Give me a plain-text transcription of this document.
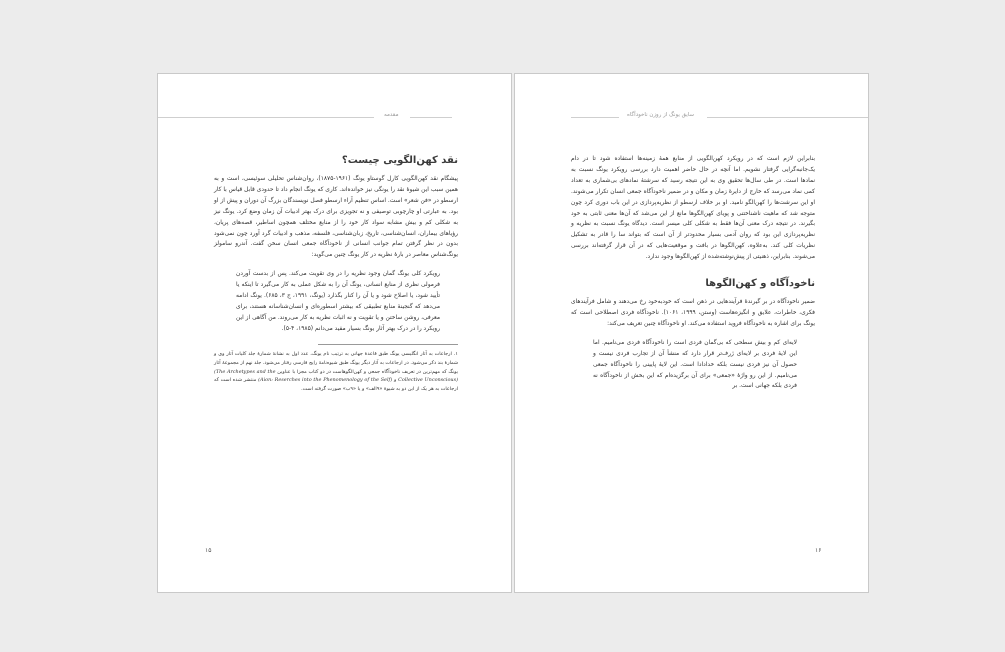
مقدمه
نقد کهن‌الگویی چیست؟

پیشگام نقد کهن‌الگویی کارل گوستاو یونگ (۱۹۶۱-۱۸۷۵)، روان‌شناس تحلیلی سوئیسی، است و به همین سبب این شیوهٔ نقد را یونگی نیز خوانده‌اند. کاری که یونگ انجام داد تا حدودی قابل قیاس با کار ارسطو در «فن شعر» است. اساس تنظیم آراء ارسطو فصل نویسندگان بزرگ آن دوران و پیش از او بود. به عبارتی او چارچوبی توصیفی و نه تجویزی برای درک بهتر ادبیات آن زمان وضع کرد. یونگ نیز به شکلی کم و بیش مشابه سواد کار خود را از منابع مختلف همچون اساطیر، قصه‌های پریان، رؤیاهای بیماران، انسان‌شناسی، تاریخ، زبان‌شناسی، فلسفه، مذهب و ادبیات گرد آورد چون نمی‌شود بدون در نظر گرفتن تمام جوانب انسانی از ناخودآگاه جمعی انسان سخن گفت. آندرو سامولز یونگ‌شناس معاصر در بارهٔ نظریه در کار یونگ چنین می‌گوید:

رویکرد کلی یونگ گمان وجود نظریه را در وی تقویت می‌کند. پس از بدست آوردن فرمولی نظری از منابع انسانی، یونگ آن را به شکل عملی به کار می‌گیرد تا اینکه یا تأیید شود، یا اصلاح شود و یا آن را کنار بگذارد (یونگ، ۱۹۹۱، ج ۳، ۶۸۵). یونگ ادامه می‌دهد که گنجینهٔ منابع تطبیقی که بیشتر اسطوره‌ای و انسان‌شناسانه هستند، برای معرفی، روشن ساختن و یا تقویت و نه اثبات نظریه به کار می‌روند. من آگاهی از این رویکرد را در درک بهتر آثار یونگ بسیار مفید می‌دانم (۱۹۸۵، ۴-۵).

۱. ارجاعات به آثار انگلیسی یونگ طبق قاعدهٔ جهانی به ترتیب نام یونگ، عدد اول به نشانهٔ شمارهٔ جلد کلیات آثار وی و شمارهٔ بند ذکر می‌شود. در ارجاعات به آثار دیگر یونگ طبق شیوه‌نامهٔ رایج فارسی رفتار می‌شود. جلد نهم از مجموعهٔ آثار یونگ که مهم‌ترین در تعریف ناخودآگاه جمعی و کهن‌الگوهاست در دو کتاب مجزا با عناوین (The Archetypes and the Collective Unconscious) و (Aion: Reserches into the Phenomenology of the Self) منتشر شده است که ارجاعات به هر یک از این دو به شیوهٔ «۹الف» و یا «۹ب» صورت گرفته است.

۱۵
سایق یونگ از روزن ناخودآگاه

بنابراین لازم است که در رویکرد کهن‌الگویی از منابع همهٔ زمینه‌ها استفاده شود تا در دام یک‌جانبه‌گرایی گرفتار نشویم. اما آنچه در حال حاضر اهمیت دارد بررسی رویکرد یونگ نسبت به نمادها است. در طی سال‌ها تحقیق وی به این نتیجه رسید که سرشتهٔ نمادهای بی‌شماری به تعداد کمی نماد می‌رسد که خارج از دایرهٔ زمان و مکان و در ضمیر ناخودآگاه جمعی انسان تکرار می‌شوند. او این سرشت‌ها را کهن‌الگو نامید. او بر خلاف ارسطو از نظریه‌پردازی در این باب دوری کرد چون متوجه شد که ماهیت ناشناختنی و پویای کهن‌الگوها مانع از این می‌شد که آن‌ها معنی ثابتی به خود بگیرند. در نتیجه درک معنی آن‌ها فقط به شکلی کلی میسر است. دیدگاه یونگ نسبت به نظریه و نظریه‌پردازی این بود که روان آدمی بسیار محدودتر از آن است که بتواند سا را قادر به تشکیل نظریات کلی کند. به‌علاوه، کهن‌الگوها در بافت و موقعیت‌هایی که در آن قرار گرفته‌اند بررسی می‌شوند. بنابراین، ذهنیتی از پیش‌نوشته‌شده از کهن‌الگوها وجود ندارد.

ناخودآگاه و کهن‌الگوها

ضمیر ناخودآگاه در بر گیرندهٔ فرآیندهایی در ذهن است که خودبه‌خود رخ می‌دهند و شامل فرآیندهای فکری، خاطرات، علایق و انگیزه‌هاست (وستن، ۱۹۹۹، ۱۰۶۱). ناخودآگاه فردی اصطلاحی است که یونگ برای اشاره به ناخودآگاه فروید استفاده می‌کند. او ناخودآگاه چنین تعریف می‌کند:

لایه‌ای کم و بیش سطحی که بی‌گمان فردی است را ناخودآگاه فردی می‌نامیم. اما این لایهٔ فردی بر لایه‌ای ژرف‌تر قرار دارد که منشأ آن از تجارب فردی نیست و حصول آن نیز فردی نیست بلکه خدادادا است. این لایهٔ پایینی را ناخودآگاه جمعی می‌نامیم. از این رو واژهٔ «جمعی» برای آن برگزیده‌ام که این بخش از ناخودآگاه نه فردی بلکه جهانی است. بر
۱۶
